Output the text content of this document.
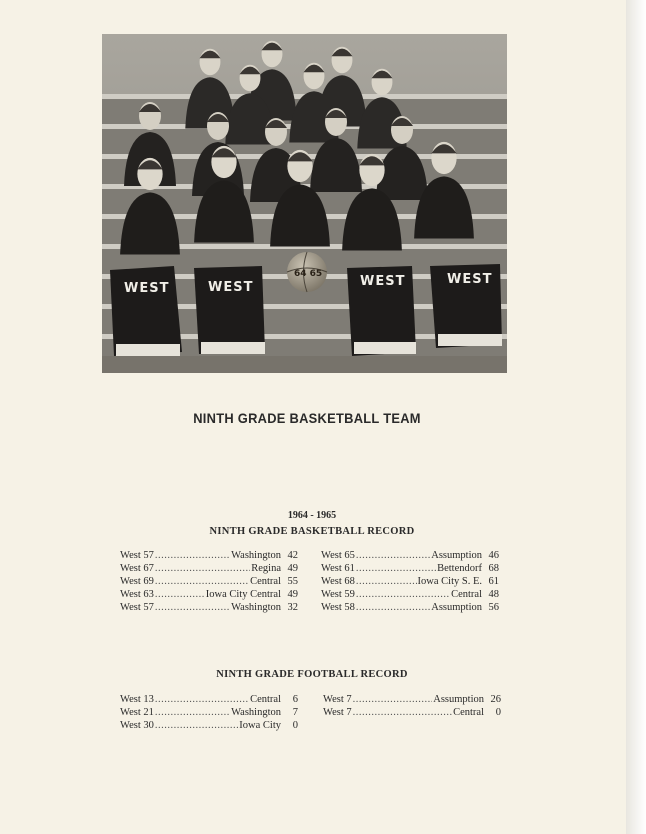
WEST	WEST	WEST	WEST
64 65
NINTH GRADE BASKETBALL TEAM
1964 - 1965
NINTH GRADE BASKETBALL RECORD
West 57 .....	Washington 42
West 67 .....	Regina 49
West 69 .....	Central 55
West 63 .....	Iowa City Central 49
West 57 .....	Washington 32
West 65 .....	Assumption 46
West 61 .....	Bettendorf 68
West 68 .....	Iowa City S. E. 61
West 59 .....	Central 48
West 58 .....	Assumption 56
NINTH GRADE FOOTBALL RECORD
West 13 .....	Central	6
West 21 .....	Washington	7
West 30 .....	Iowa City	0
West 7 .....	Assumption 26
West 7 .....	Central	0
